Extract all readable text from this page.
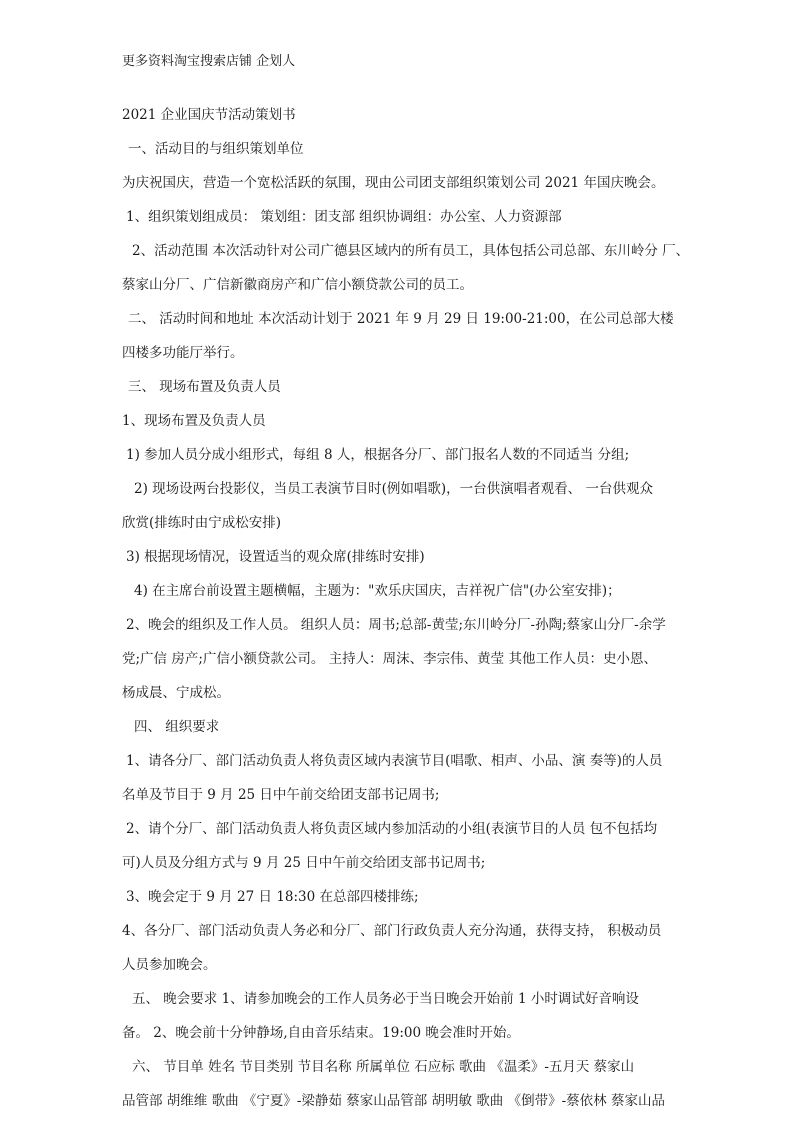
更多资料淘宝搜索店铺 企划人
2021 企业国庆节活动策划书
一、活动目的与组织策划单位
为庆祝国庆，营造一个宽松活跃的氛围，现由公司团支部组织策划公司 2021 年国庆晚会。
1、组织策划组成员： 策划组：团支部 组织协调组：办公室、人力资源部
2、活动范围 本次活动针对公司广德县区域内的所有员工，具体包括公司总部、东川岭分 厂、
蔡家山分厂、广信新徽商房产和广信小额贷款公司的员工。
二、 活动时间和地址 本次活动计划于 2021 年 9 月 29 日 19:00-21:00，在公司总部大楼
四楼多功能厅举行。
三、 现场布置及负责人员
1、现场布置及负责人员
1) 参加人员分成小组形式，每组 8 人，根据各分厂、部门报名人数的不同适当 分组;
2) 现场设两台投影仪，当员工表演节目时(例如唱歌)，一台供演唱者观看、 一台供观众
欣赏(排练时由宁成松安排)
3) 根据现场情况，设置适当的观众席(排练时安排)
4) 在主席台前设置主题横幅，主题为："欢乐庆国庆，吉祥祝广信"(办公室安排)；
2、晚会的组织及工作人员。 组织人员：周书;总部-黄莹;东川岭分厂-孙陶;蔡家山分厂-余学
党;广信 房产;广信小额贷款公司。 主持人：周沫、李宗伟、黄莹 其他工作人员：史小恩、
杨成晨、宁成松。
四、 组织要求
1、请各分厂、部门活动负责人将负责区域内表演节目(唱歌、相声、小品、演 奏等)的人员
名单及节目于 9 月 25 日中午前交给团支部书记周书;
2、请个分厂、部门活动负责人将负责区域内参加活动的小组(表演节目的人员 包不包括均
可)人员及分组方式与 9 月 25 日中午前交给团支部书记周书;
3、晚会定于 9 月 27 日 18:30 在总部四楼排练;
4、各分厂、部门活动负责人务必和分厂、部门行政负责人充分沟通，获得支持， 积极动员
人员参加晚会。
五、 晚会要求 1、请参加晚会的工作人员务必于当日晚会开始前 1 小时调试好音响设
备。 2、晚会前十分钟静场,自由音乐结束。19:00 晚会准时开始。
六、 节目单 姓名 节目类别 节目名称 所属单位 石应标 歌曲 《温柔》-五月天 蔡家山
品管部 胡维维 歌曲 《宁夏》-梁静茹 蔡家山品管部 胡明敏 歌曲 《倒带》-蔡依林 蔡家山品
